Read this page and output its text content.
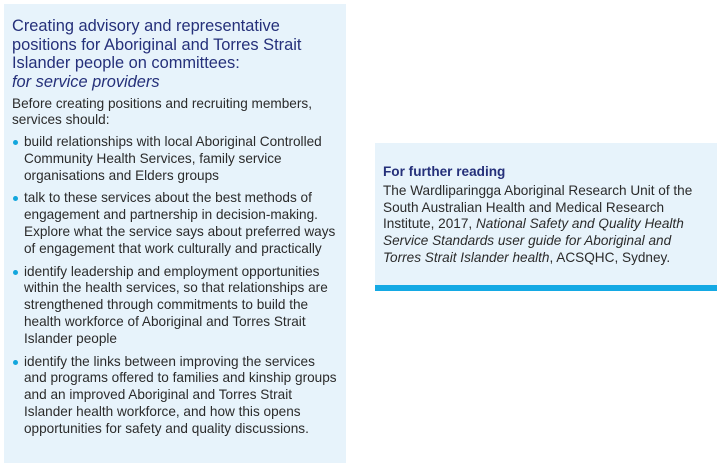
Creating advisory and representative positions for Aboriginal and Torres Strait Islander people on committees:

for service providers

Before creating positions and recruiting members, services should:

build relationships with local Aboriginal Controlled Community Health Services, family service organisations and Elders groups
talk to these services about the best methods of engagement and partnership in decision-making. Explore what the service says about preferred ways of engagement that work culturally and practically
identify leadership and employment opportunities within the health services, so that relationships are strengthened through commitments to build the health workforce of Aboriginal and Torres Strait Islander people
identify the links between improving the services and programs offered to families and kinship groups and an improved Aboriginal and Torres Strait Islander health workforce, and how this opens opportunities for safety and quality discussions.

For further reading

The Wardliparingga Aboriginal Research Unit of the South Australian Health and Medical Research Institute, 2017, National Safety and Quality Health Service Standards user guide for Aboriginal and Torres Strait Islander health, ACSQHC, Sydney.
